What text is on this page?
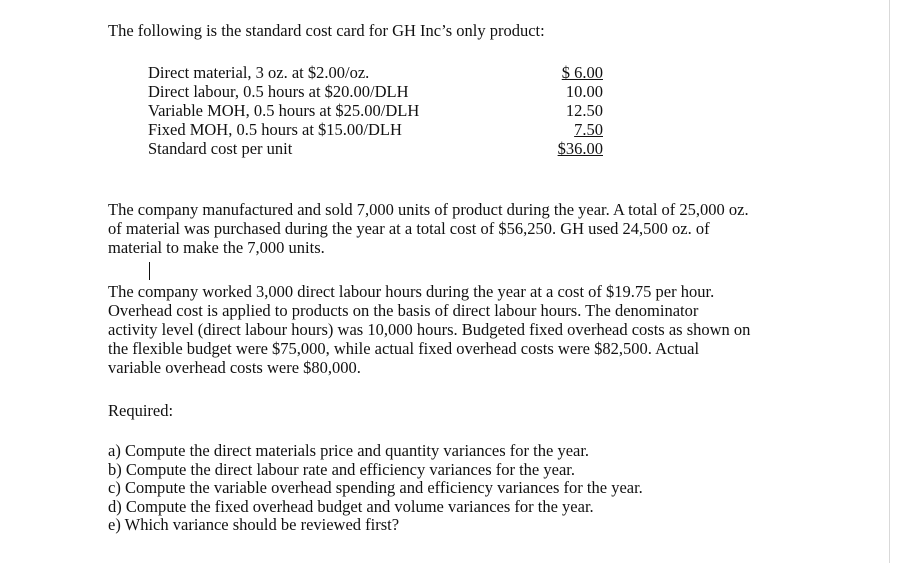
The following is the standard cost card for GH Inc’s only product:
Direct material, 3 oz. at $2.00/oz.	$ 6.00
Direct labour, 0.5 hours at $20.00/DLH	10.00
Variable MOH, 0.5 hours at $25.00/DLH	12.50
Fixed MOH, 0.5 hours at $15.00/DLH	7.50
Standard cost per unit	$36.00
The company manufactured and sold 7,000 units of product during the year. A total of 25,000 oz.
of material was purchased during the year at a total cost of $56,250. GH used 24,500 oz. of
material to make the 7,000 units.
The company worked 3,000 direct labour hours during the year at a cost of $19.75 per hour.
Overhead cost is applied to products on the basis of direct labour hours. The denominator
activity level (direct labour hours) was 10,000 hours. Budgeted fixed overhead costs as shown on
the flexible budget were $75,000, while actual fixed overhead costs were $82,500. Actual
variable overhead costs were $80,000.
Required:
a) Compute the direct materials price and quantity variances for the year.
b) Compute the direct labour rate and efficiency variances for the year.
c) Compute the variable overhead spending and efficiency variances for the year.
d) Compute the fixed overhead budget and volume variances for the year.
e) Which variance should be reviewed first?
